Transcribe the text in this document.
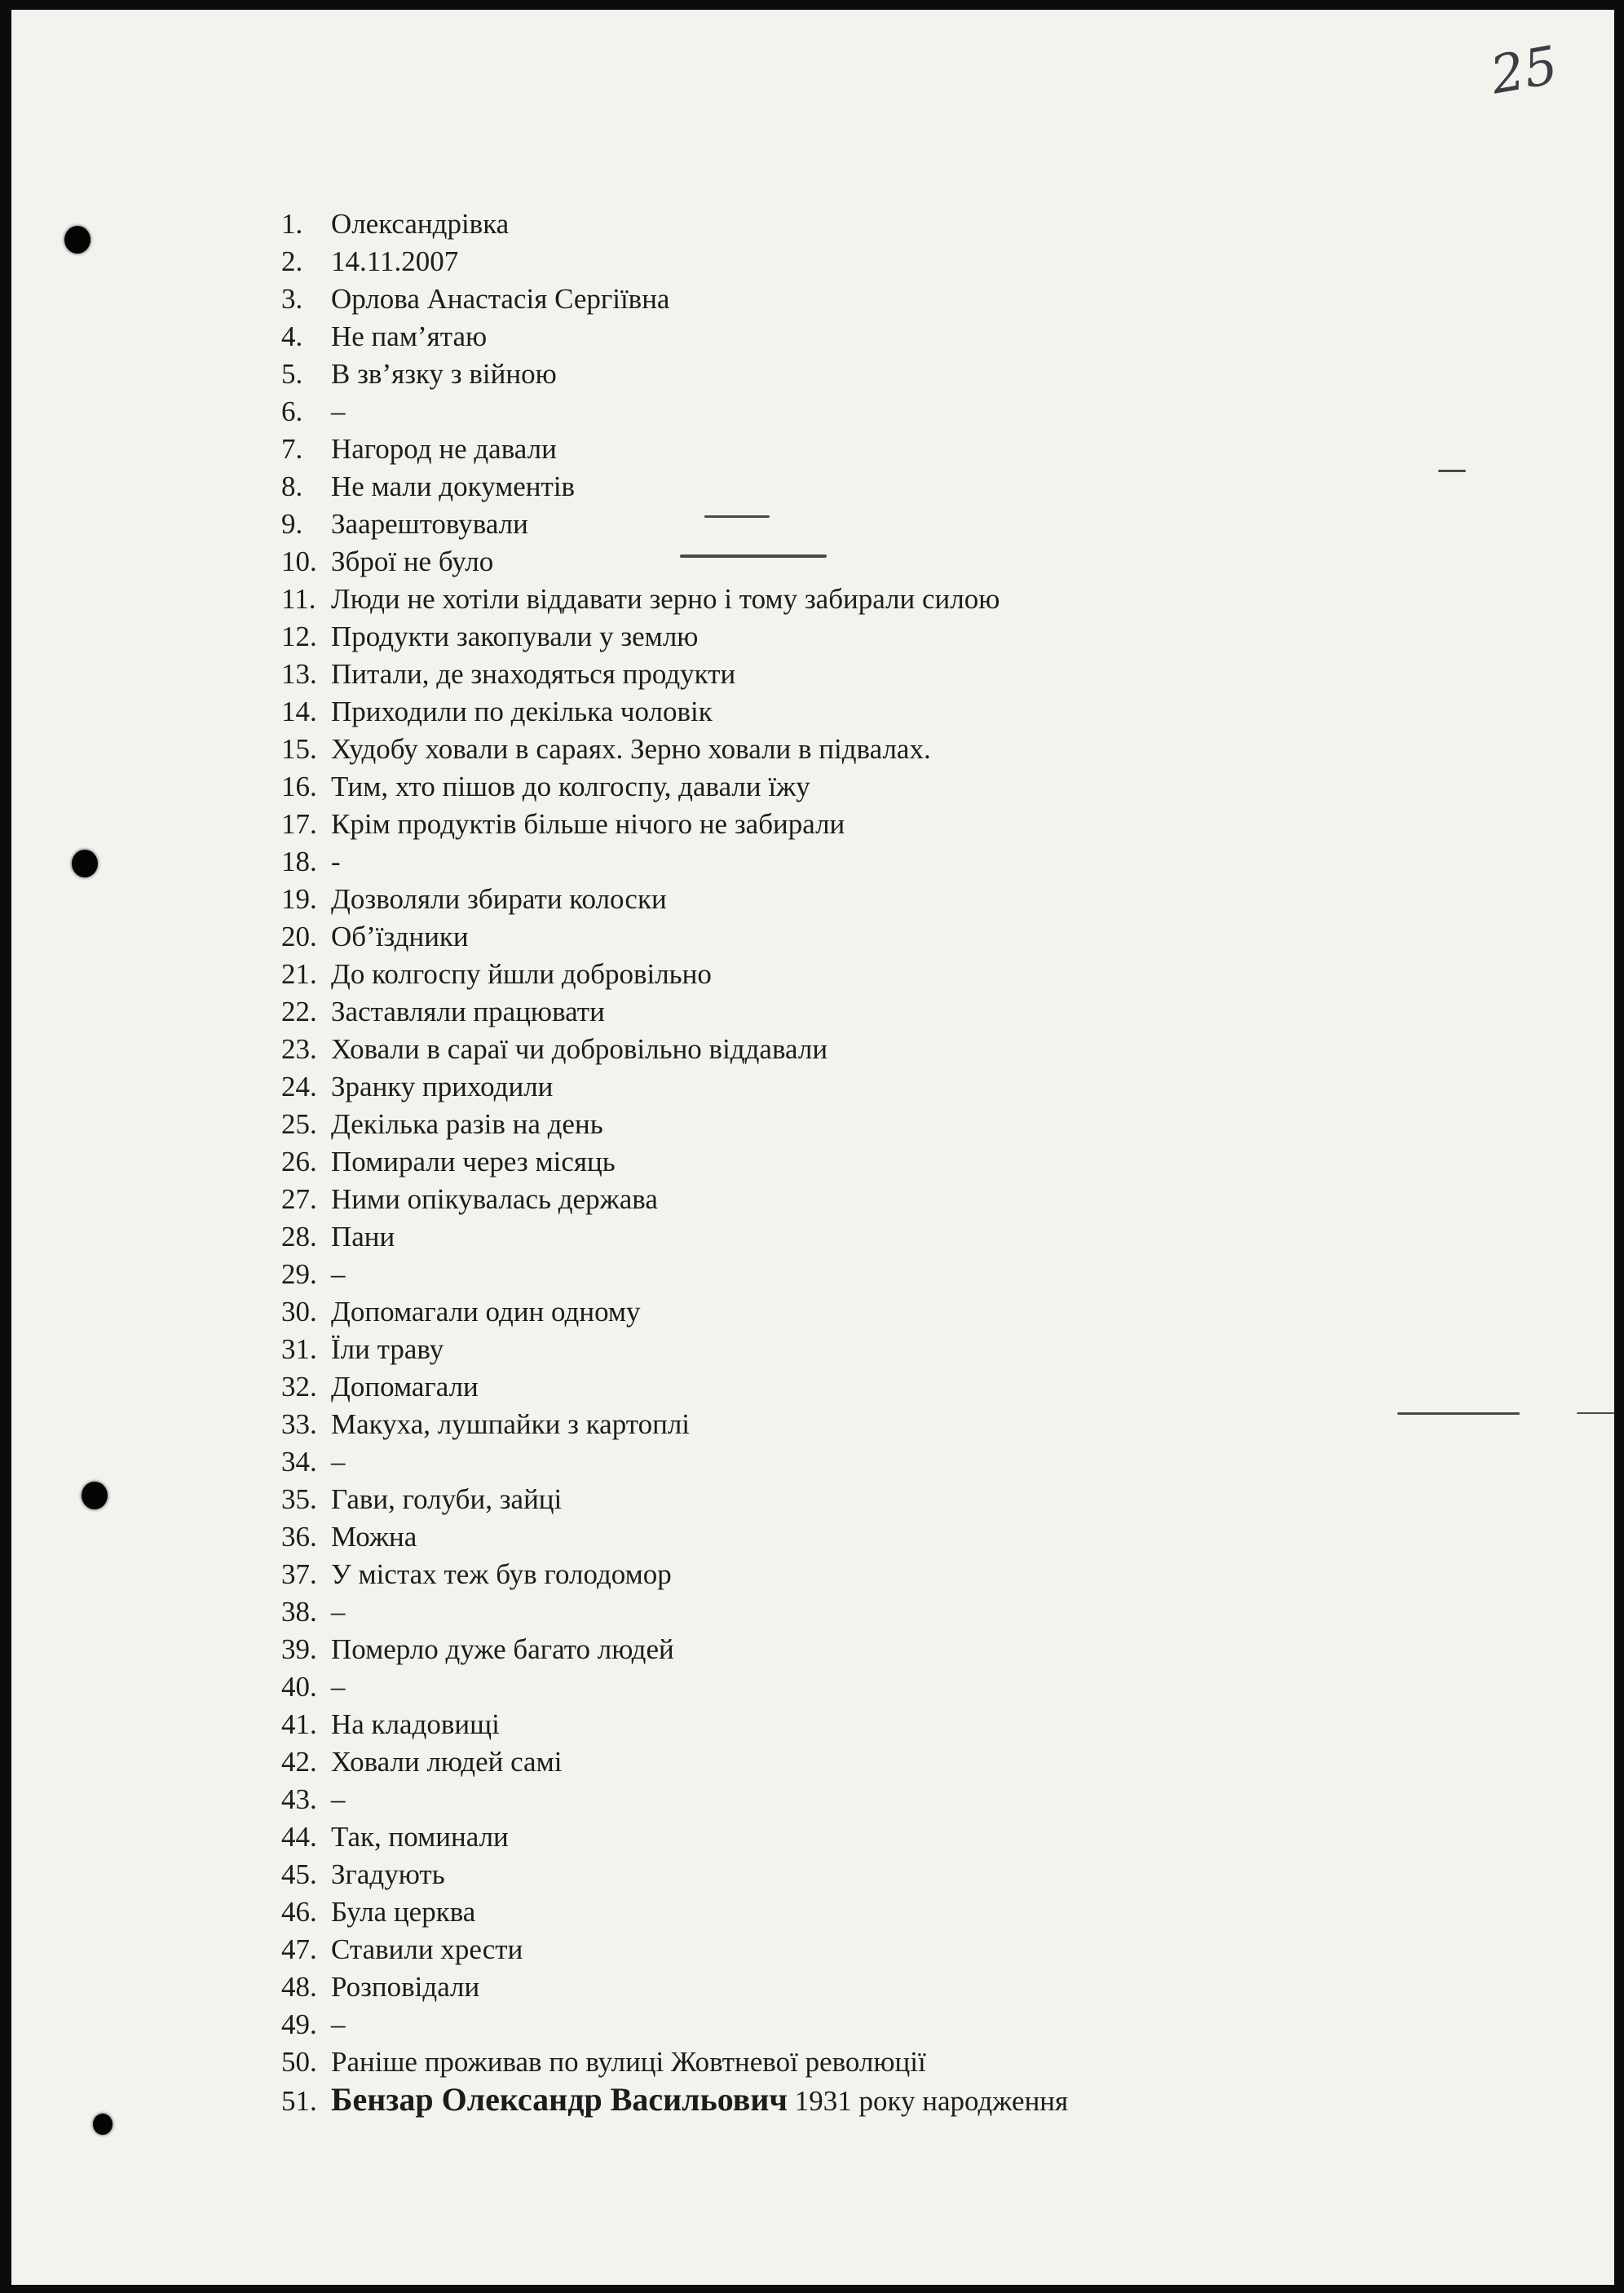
25
1. Олександрівка
2. 14.11.2007
3. Орлова Анастасія Сергіївна
4. Не пам’ятаю
5. В зв’язку з війною
6. –
7. Нагород не давали
8. Не мали документів
9. Заарештовували
10. Зброї не було
11. Люди не хотіли віддавати зерно і тому забирали силою
12. Продукти закопували у землю
13. Питали, де знаходяться продукти
14. Приходили по декілька чоловік
15. Худобу ховали в сараях. Зерно ховали в підвалах.
16. Тим, хто пішов до колгоспу, давали їжу
17. Крім продуктів більше нічого не забирали
18. -
19. Дозволяли збирати колоски
20. Об’їздники
21. До колгоспу йшли добровільно
22. Заставляли працювати
23. Ховали в сараї чи добровільно віддавали
24. Зранку приходили
25. Декілька разів на день
26. Помирали через місяць
27. Ними опікувалась держава
28. Пани
29. –
30. Допомагали один одному
31. Їли траву
32. Допомагали
33. Макуха, лушпайки з картоплі
34. –
35. Гави, голуби, зайці
36. Можна
37. У містах теж був голодомор
38. –
39. Померло дуже багато людей
40. –
41. На кладовищі
42. Ховали людей самі
43. –
44. Так, поминали
45. Згадують
46. Була церква
47. Ставили хрести
48. Розповідали
49. –
50. Раніше проживав по вулиці Жовтневої революції
51. Бензар Олександр Васильович 1931 року народження
